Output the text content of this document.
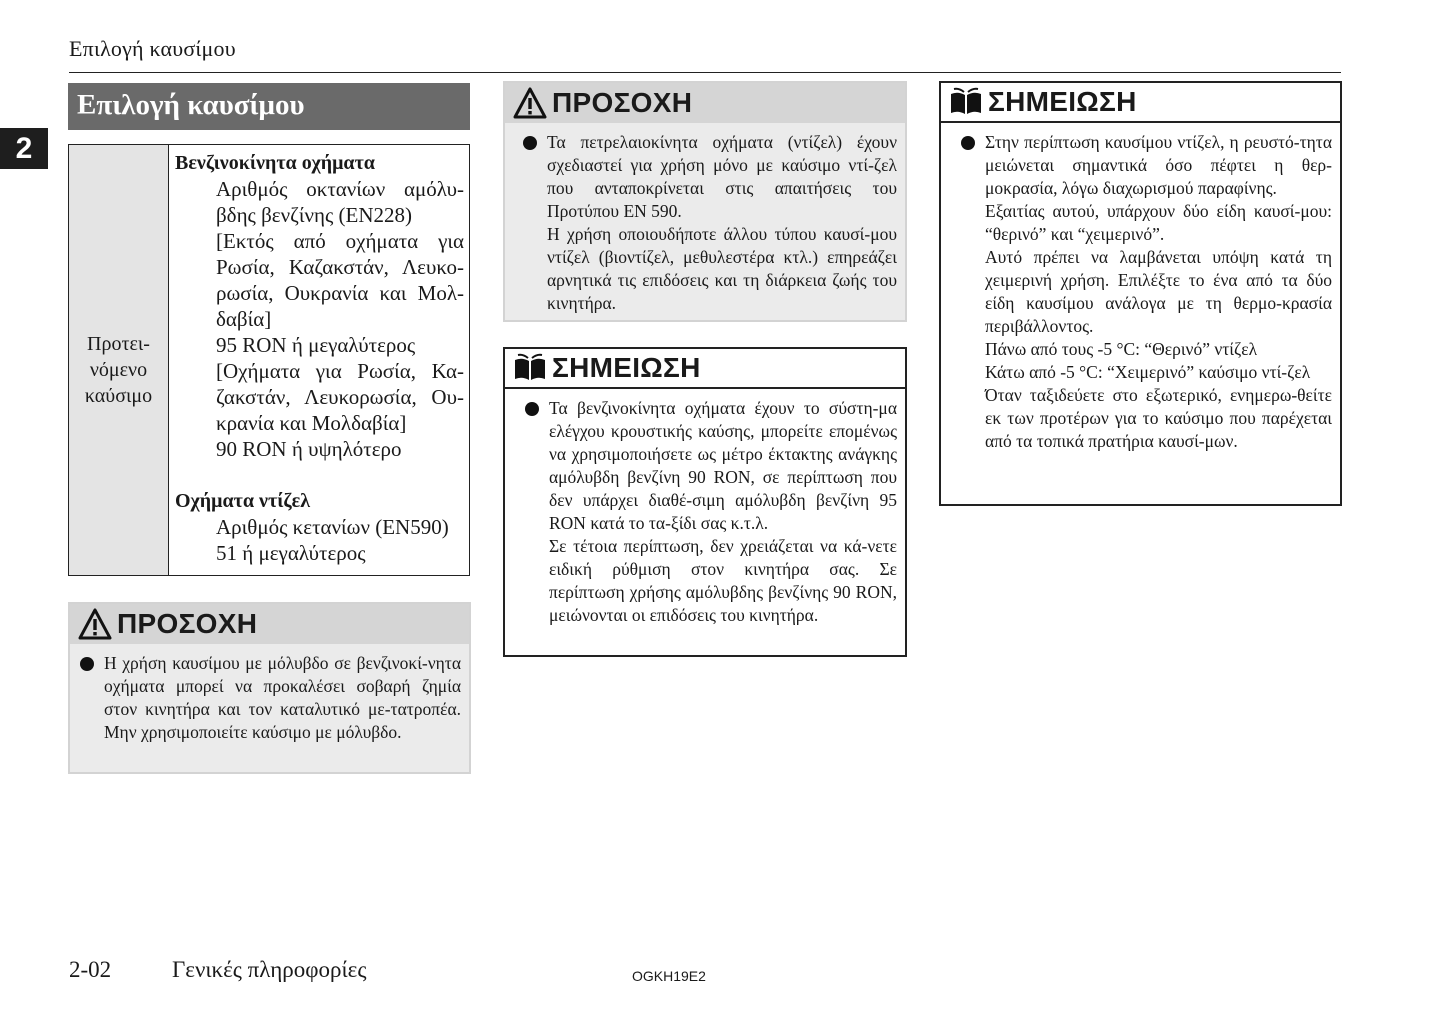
Επιλογή καυσίμου
2
Επιλογή καυσίμου
Προτει-
νόμενο
καύσιμο
Βενζινοκίνητα οχήματα
Αριθμός οκτανίων αμόλυ-βδης βενζίνης (EN228)
[Εκτός από οχήματα για Ρωσία, Καζακστάν, Λευκο-ρωσία, Ουκρανία και Μολ-δαβία]
95 RON ή μεγαλύτερος
[Οχήματα για Ρωσία, Κα-ζακστάν, Λευκορωσία, Ου-κρανία και Μολδαβία]
90 RON ή υψηλότερο
Οχήματα ντίζελ
Αριθμός κετανίων (EN590)
51 ή μεγαλύτερος
ΠΡΟΣΟΧΗ
Η χρήση καυσίμου με μόλυβδο σε βενζινοκί-νητα οχήματα μπορεί να προκαλέσει σοβαρή ζημία στον κινητήρα και τον καταλυτικό με-τατροπέα. Μην χρησιμοποιείτε καύσιμο με μόλυβδο.
ΠΡΟΣΟΧΗ
Τα πετρελαιοκίνητα οχήματα (ντίζελ) έχουν σχεδιαστεί για χρήση μόνο με καύσιμο ντί-ζελ που ανταποκρίνεται στις απαιτήσεις του Προτύπου EN 590.
Η χρήση οποιουδήποτε άλλου τύπου καυσί-μου ντίζελ (βιοντίζελ, μεθυλεστέρα κτλ.) επηρεάζει αρνητικά τις επιδόσεις και τη διάρκεια ζωής του κινητήρα.
ΣΗΜΕΙΩΣΗ
Τα βενζινοκίνητα οχήματα έχουν το σύστη-μα ελέγχου κρουστικής καύσης, μπορείτε επομένως να χρησιμοποιήσετε ως μέτρο έκτακτης ανάγκης αμόλυβδη βενζίνη 90 RON, σε περίπτωση που δεν υπάρχει διαθέ-σιμη αμόλυβδη βενζίνη 95 RON κατά το τα-ξίδι σας κ.τ.λ.
Σε τέτοια περίπτωση, δεν χρειάζεται να κά-νετε ειδική ρύθμιση στον κινητήρα σας. Σε περίπτωση χρήσης αμόλυβδης βενζίνης 90 RON, μειώνονται οι επιδόσεις του κινητήρα.
ΣΗΜΕΙΩΣΗ
Στην περίπτωση καυσίμου ντίζελ, η ρευστό-τητα μειώνεται σημαντικά όσο πέφτει η θερ-μοκρασία, λόγω διαχωρισμού παραφίνης.
Εξαιτίας αυτού, υπάρχουν δύο είδη καυσί-μου: “θερινό” και “χειμερινό”.
Αυτό πρέπει να λαμβάνεται υπόψη κατά τη χειμερινή χρήση. Επιλέξτε το ένα από τα δύο είδη καυσίμου ανάλογα με τη θερμο-κρασία περιβάλλοντος.
Πάνω από τους -5 °C: “Θερινό” ντίζελ
Κάτω από -5 °C: “Χειμερινό” καύσιμο ντί-ζελ
Όταν ταξιδεύετε στο εξωτερικό, ενημερω-θείτε εκ των προτέρων για το καύσιμο που παρέχεται από τα τοπικά πρατήρια καυσί-μων.
2-02	Γενικές πληροφορίες	OGKH19E2
